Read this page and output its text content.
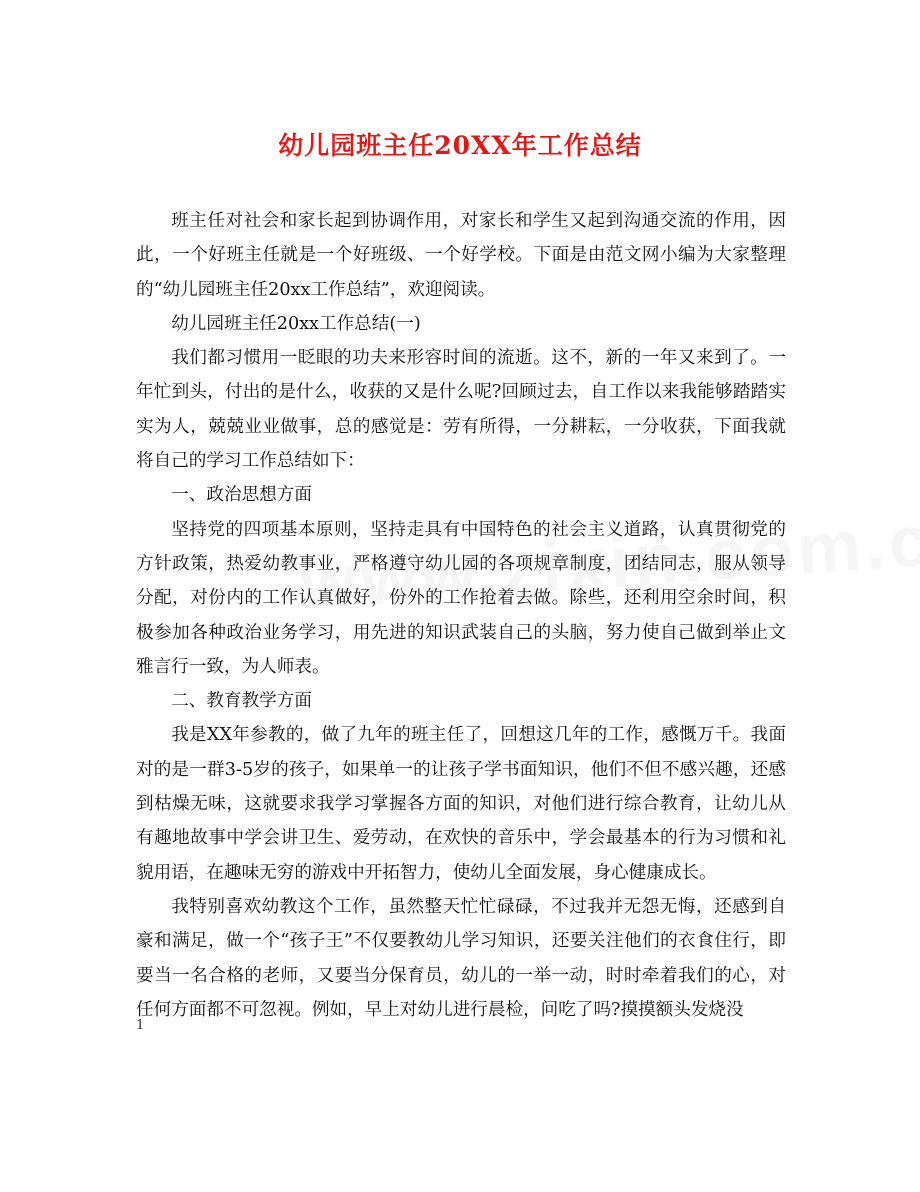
幼儿园班主任20XX年工作总结

班主任对社会和家长起到协调作用，对家长和学生又起到沟通交流的作用，因此，一个好班主任就是一个好班级、一个好学校。下面是由范文网小编为大家整理的“幼儿园班主任20xx工作总结”，欢迎阅读。

幼儿园班主任20xx工作总结(一)

我们都习惯用一眨眼的功夫来形容时间的流逝。这不，新的一年又来到了。一年忙到头，付出的是什么，收获的又是什么呢?回顾过去，自工作以来我能够踏踏实实为人，兢兢业业做事，总的感觉是：劳有所得，一分耕耘，一分收获，下面我就将自己的学习工作总结如下：

一、政治思想方面

坚持党的四项基本原则，坚持走具有中国特色的社会主义道路，认真贯彻党的方针政策，热爱幼教事业，严格遵守幼儿园的各项规章制度，团结同志，服从领导分配，对份内的工作认真做好，份外的工作抢着去做。除些，还利用空余时间，积极参加各种政治业务学习，用先进的知识武装自己的头脑，努力使自己做到举止文雅言行一致，为人师表。

二、教育教学方面

我是XX年参教的，做了九年的班主任了，回想这几年的工作，感慨万千。我面对的是一群3-5岁的孩子，如果单一的让孩子学书面知识，他们不但不感兴趣，还感到枯燥无味，这就要求我学习掌握各方面的知识，对他们进行综合教育，让幼儿从有趣地故事中学会讲卫生、爱劳动，在欢快的音乐中，学会最基本的行为习惯和礼貌用语，在趣味无穷的游戏中开拓智力，使幼儿全面发展，身心健康成长。

我特别喜欢幼教这个工作，虽然整天忙忙碌碌，不过我并无怨无悔，还感到自豪和满足，做一个“孩子王”不仅要教幼儿学习知识，还要关注他们的衣食住行，即要当一名合格的老师，又要当分保育员，幼儿的一举一动，时时牵着我们的心，对任何方面都不可忽视。例如，早上对幼儿进行晨检，问吃了吗?摸摸额头发烧没

1
